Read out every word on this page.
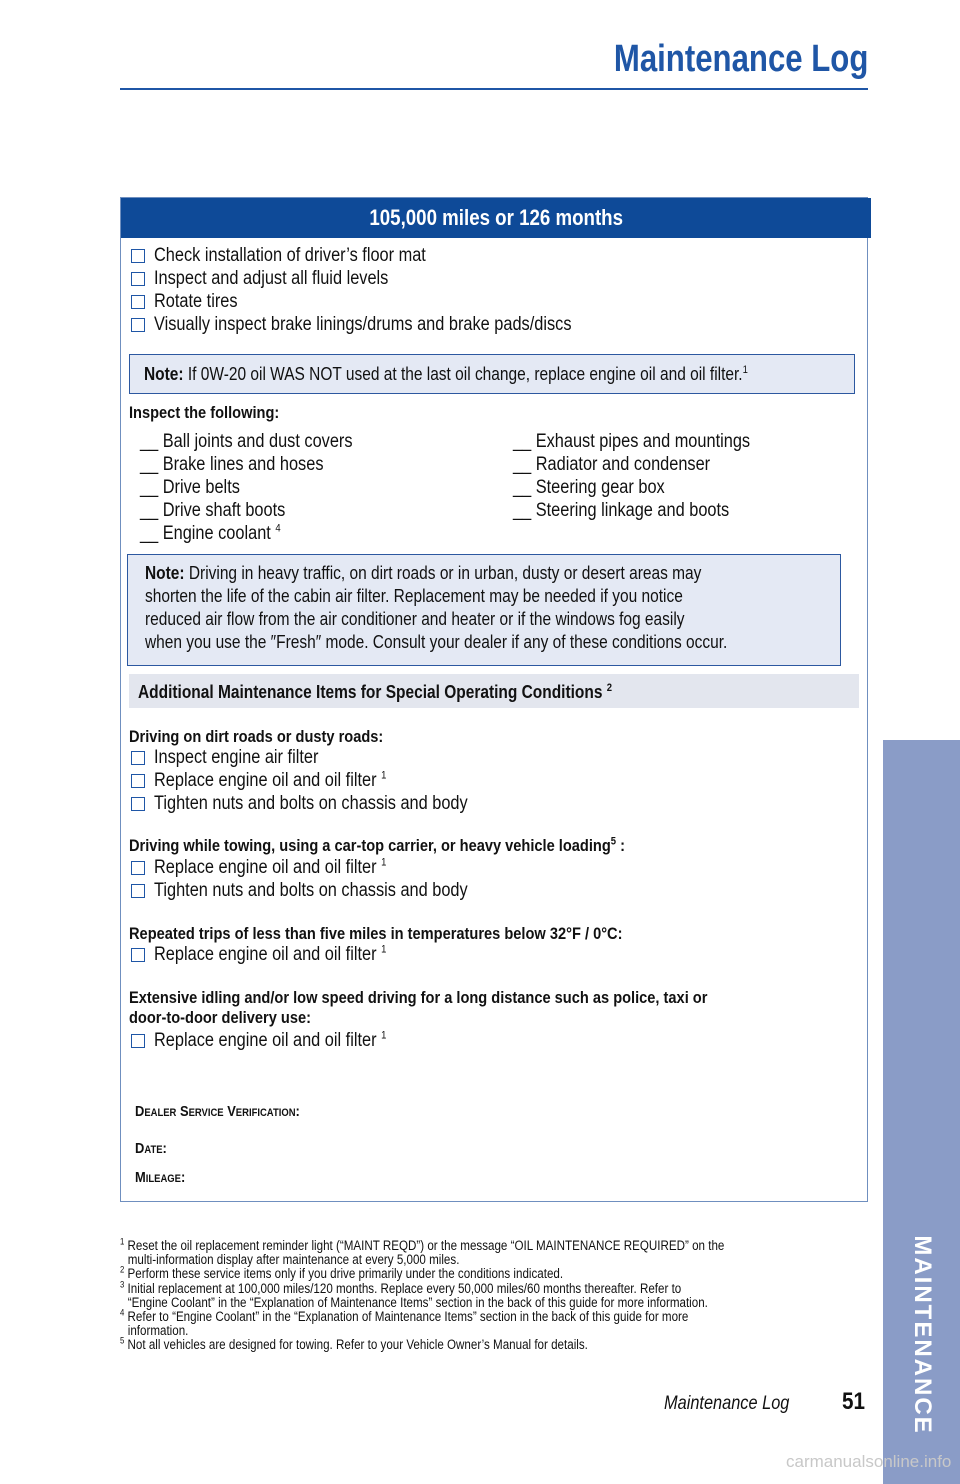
Maintenance Log
MAINTENANCE
105,000 miles or 126 months
Check installation of driver’s floor mat
Inspect and adjust all fluid levels
Rotate tires
Visually inspect brake linings/drums and brake pads/discs
Note: If 0W-20 oil WAS NOT used at the last oil change, replace engine oil and oil filter.$^1$
Inspect the following:
__ Ball joints and dust covers
__ Brake lines and hoses
__ Drive belts
__ Drive shaft boots
__ Engine coolant $^4$
__ Exhaust pipes and mountings
__ Radiator and condenser
__ Steering gear box
__ Steering linkage and boots
Note: Driving in heavy traffic, on dirt roads or in urban, dusty or desert areas may
shorten the life of the cabin air filter. Replacement may be needed if you notice
reduced air flow from the air conditioner and heater or if the windows fog easily
when you use the ″Fresh″ mode. Consult your dealer if any of these conditions occur.
Additional Maintenance Items for Special Operating Conditions $^2$
Driving on dirt roads or dusty roads:
Inspect engine air filter
Replace engine oil and oil filter $^1$
Tighten nuts and bolts on chassis and body
Driving while towing, using a car-top carrier, or heavy vehicle loading$^5$ :
Replace engine oil and oil filter $^1$
Tighten nuts and bolts on chassis and body
Repeated trips of less than five miles in temperatures below 32°F / 0°C:
Replace engine oil and oil filter $^1$
Extensive idling and/or low speed driving for a long distance such as police, taxi or
door-to-door delivery use:
Replace engine oil and oil filter $^1$
Dealer Service Verification:
Date:
Mileage:
$^1$ Reset the oil replacement reminder light (“MAINT REQD”) or the message “OIL MAINTENANCE REQUIRED” on the
multi-information display after maintenance at every 5,000 miles.
$^2$ Perform these service items only if you drive primarily under the conditions indicated.
$^3$ Initial replacement at 100,000 miles/120 months. Replace every 50,000 miles/60 months thereafter. Refer to
“Engine Coolant” in the “Explanation of Maintenance Items” section in the back of this guide for more information.
$^4$ Refer to “Engine Coolant” in the “Explanation of Maintenance Items” section in the back of this guide for more
information.
$^5$ Not all vehicles are designed for towing. Refer to your Vehicle Owner’s Manual for details.
Maintenance Log 51
carmanualsonline.info
